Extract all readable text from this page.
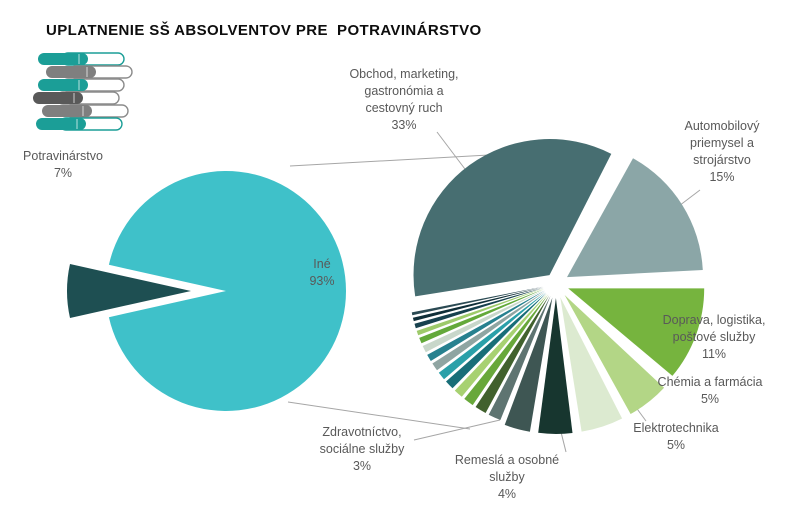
UPLATNENIE SŠ ABSOLVENTOV PRE  POTRAVINÁRSTVO
Potravinárstvo
7%
Iné
93%
Obchod, marketing,
gastronómia a
cestovný ruch
33%	Automobilový
priemysel a
strojárstvo
15%
Doprava, logistika,
poštové služby
11%
Chémia a farmácia
5%
Elektrotechnika
5%
Remeslá a osobné
služby
4%
Zdravotníctvo,
sociálne služby
3%
